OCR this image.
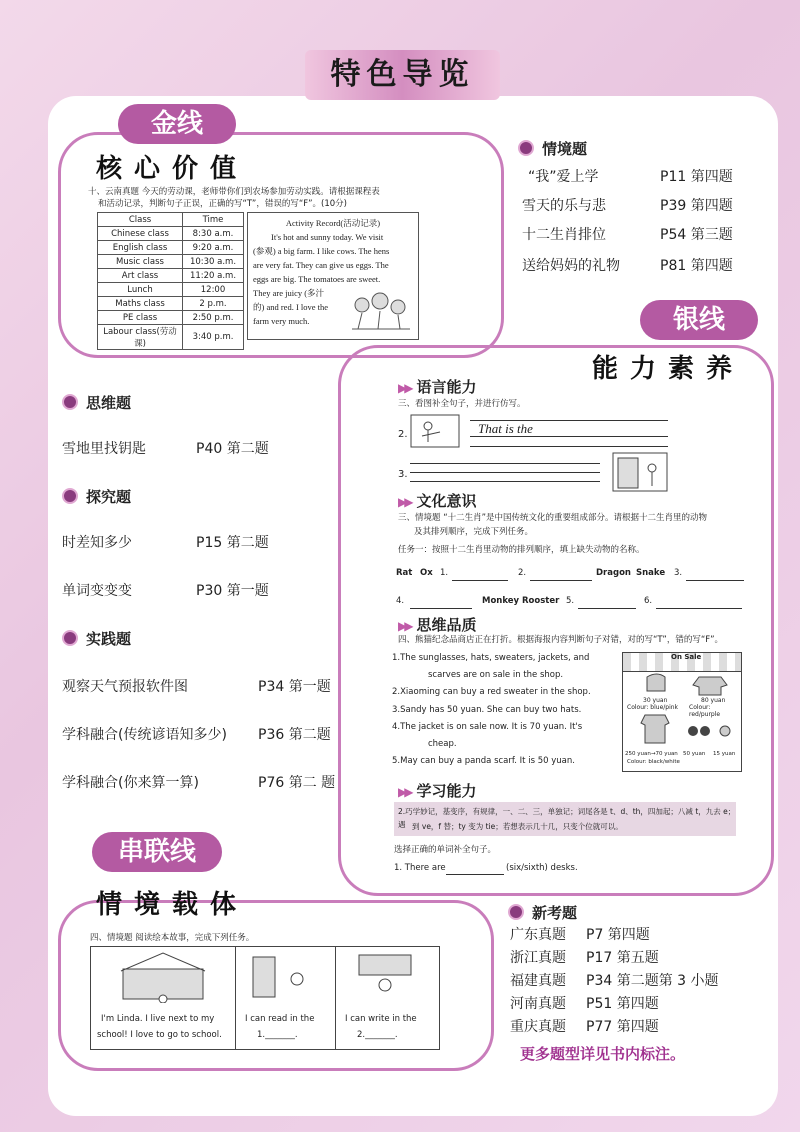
特色导览
金线
核心价值
十、云南真题 今天的劳动课，老师带你们到农场参加劳动实践。请根据课程表
和活动记录，判断句子正误，正确的写“T”，错误的写“F”。(10分)
Class	Time
Chinese class	8:30 a.m.
English class	9:20 a.m.
Music class	10:30 a.m.
Art class	11:20 a.m.
Lunch	12:00
Maths class	2 p.m.
PE class	2:50 p.m.
Labour class(劳动课)	3:40 p.m.
Activity Record(活动记录)
It's hot and sunny today. We visit
(参观) a big farm. I like cows. The hens
are very fat. They can give us eggs. The
eggs are big. The tomatoes are sweet.
They are juicy (多汁
的) and red. I love the
farm very much.
情境题
“我”爱上学	P11 第四题
雪天的乐与悲	P39 第四题
十二生肖排位	P54 第三题
送给妈妈的礼物	P81 第四题
银线
能力素养
思维题
雪地里找钥匙	P40 第二题
探究题
时差知多少	P15 第二题
单词变变变	P30 第一题
实践题
观察天气预报软件图	P34 第一题
学科融合(传统谚语知多少) P36 第二题
学科融合(你来算一算)	P76 第二 题
▶▶ 语言能力
三、看图补全句子，并进行仿写。
2.	That is the
3.
▶▶ 文化意识
三、情境题 “十二生肖”是中国传统文化的重要组成部分。请根据十二生肖里的动物
及其排列顺序，完成下列任务。
任务一：按照十二生肖里动物的排列顺序，填上缺失动物的名称。
Rat Ox 1.	2.	Dragon Snake 3.
4.	Monkey Rooster 5.	6.
▶▶ 思维品质
四、熊猫纪念品商店正在打折。根据海报内容判断句子对错，对的写“T”，错的写“F”。
1.The sunglasses, hats, sweaters, jackets, and
scarves are on sale in the shop.
2.Xiaoming can buy a red sweater in the shop.
3.Sandy has 50 yuan. She can buy two hats.
4.The jacket is on sale now. It is 70 yuan. It's
cheap.
5.May can buy a panda scarf. It is 50 yuan.
On Sale
30 yuan
Colour: blue/pink
80 yuan
Colour: red/purple
250 yuan→70 yuan
Colour: black/white
50 yuan 15 yuan
▶▶ 学习能力
2.巧学妙记，基变序，有规律，一、二、三，单独记；词尾各是 t、d、th，四加起；八减 t，九去 e；遇 到 ve，f 替；ty 变为 tie；若想表示几十几，只变个位就可以。
选择正确的单词补全句子。
1. There are	(six/sixth) desks.
串联线
情境载体
四、情境题 阅读绘本故事，完成下列任务。
I'm Linda. I live next to my
school! I love to go to school.
I can read in the
1._______.
I can write in the
2._______.
新考题
广东真题 P7 第四题
浙江真题 P17 第五题
福建真题 P34 第二题第 3 小题
河南真题 P51 第四题
重庆真题 P77 第四题
更多题型详见书内标注。
